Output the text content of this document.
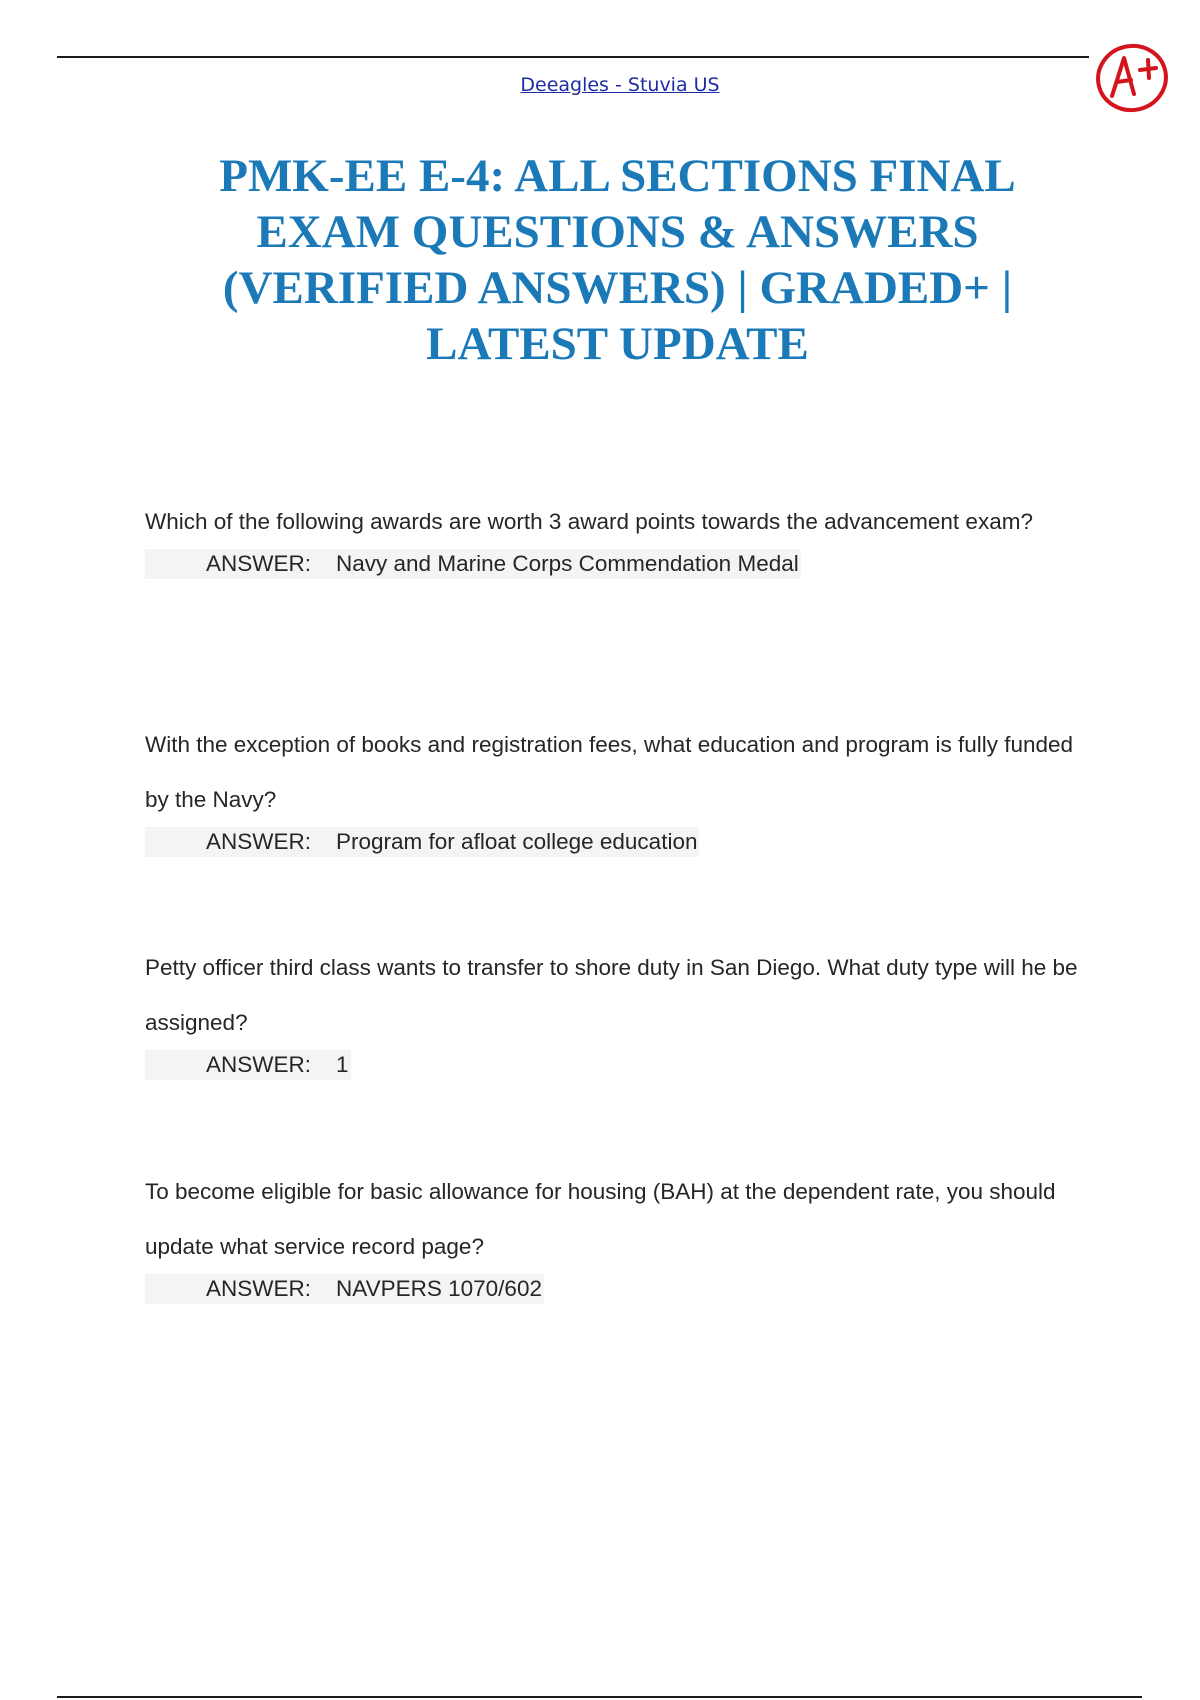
Deeagles - Stuvia US
PMK-EE E-4: ALL SECTIONS FINAL EXAM QUESTIONS & ANSWERS (VERIFIED ANSWERS) | GRADED+ | LATEST UPDATE

Which of the following awards are worth 3 award points towards the advancement exam?

ANSWER: Navy and Marine Corps Commendation Medal

With the exception of books and registration fees, what education and program is fully funded by the Navy?

ANSWER: Program for afloat college education

Petty officer third class wants to transfer to shore duty in San Diego. What duty type will he be assigned?

ANSWER: 1

To become eligible for basic allowance for housing (BAH) at the dependent rate, you should update what service record page?

ANSWER: NAVPERS 1070/602
